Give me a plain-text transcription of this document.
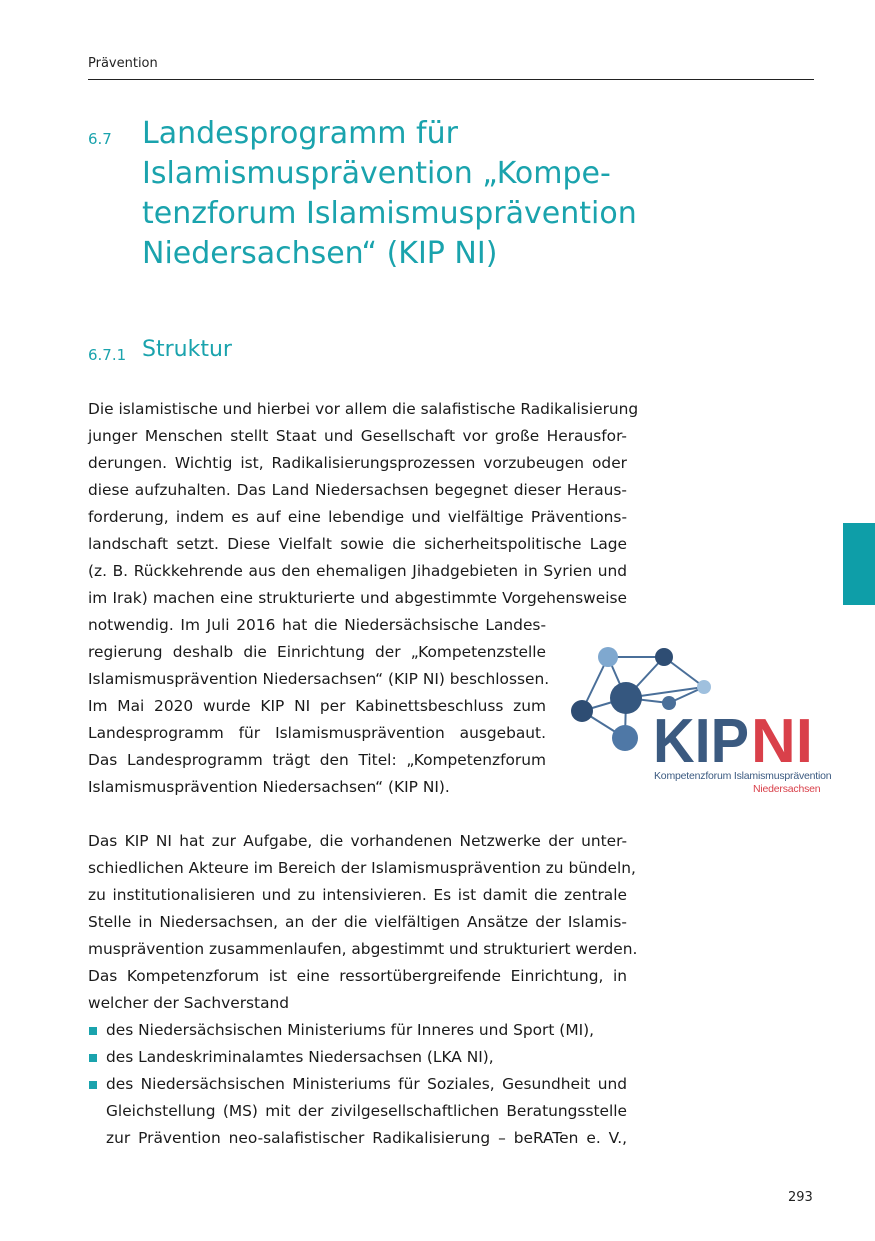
Prävention
6.7 Landesprogramm für
Islamismusprävention „Kompe-
tenzforum Islamismusprävention
Niedersachsen“ (KIP NI)
6.7.1 Struktur

Die islamistische und hierbei vor allem die salafistische Radikalisierung
junger Menschen stellt Staat und Gesellschaft vor große Herausfor-
derungen. Wichtig ist, Radikalisierungsprozessen vorzubeugen oder
diese aufzuhalten. Das Land Niedersachsen begegnet dieser Heraus-
forderung, indem es auf eine lebendige und vielfältige Präventions-
landschaft setzt. Diese Vielfalt sowie die sicherheitspolitische Lage
(z. B. Rückkehrende aus den ehemaligen Jihadgebieten in Syrien und
im Irak) machen eine strukturierte und abgestimmte Vorgehensweise
notwendig. Im Juli 2016 hat die Niedersächsische Landes-
regierung deshalb die Einrichtung der „Kompetenzstelle
Islamismusprävention Niedersachsen“ (KIP NI) beschlossen.
Im Mai 2020 wurde KIP NI per Kabinettsbeschluss zum
Landesprogramm für Islamismusprävention ausgebaut.
Das Landesprogramm trägt den Titel: „Kompetenzforum
Islamismusprävention Niedersachsen“ (KIP NI).

KIP NI
Kompetenzforum Islamismusprävention
Niedersachsen

Das KIP NI hat zur Aufgabe, die vorhandenen Netzwerke der unter-
schiedlichen Akteure im Bereich der Islamismusprävention zu bündeln,
zu institutionalisieren und zu intensivieren. Es ist damit die zentrale
Stelle in Niedersachsen, an der die vielfältigen Ansätze der Islamis-
musprävention zusammenlaufen, abgestimmt und strukturiert werden.
Das Kompetenzforum ist eine ressortübergreifende Einrichtung, in
welcher der Sachverstand

des Niedersächsischen Ministeriums für Inneres und Sport (MI),
des Landeskriminalamtes Niedersachsen (LKA NI),
des Niedersächsischen Ministeriums für Soziales, Gesundheit und
Gleichstellung (MS) mit der zivilgesellschaftlichen Beratungsstelle
zur Prävention neo-salafistischer Radikalisierung – beRATen e. V.,
293
